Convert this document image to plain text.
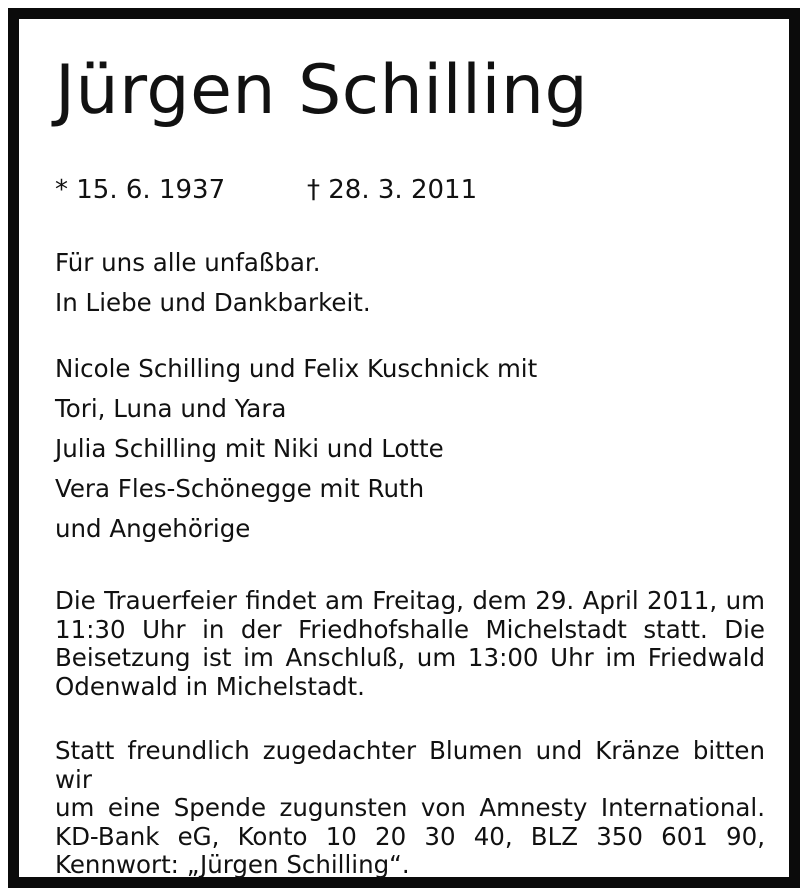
Jürgen Schilling
* 15. 6. 1937	† 28. 3. 2011
Für uns alle unfaßbar.
In Liebe und Dankbarkeit.
Nicole Schilling und Felix Kuschnick mit
Tori, Luna und Yara
Julia Schilling mit Niki und Lotte
Vera Fles-Schönegge mit Ruth
und Angehörige
Die Trauerfeier findet am Freitag, dem 29. April 2011, um
11:30 Uhr in der Friedhofshalle Michelstadt statt. Die
Beisetzung ist im Anschluß, um 13:00 Uhr im Friedwald
Odenwald in Michelstadt.
Statt freundlich zugedachter Blumen und Kränze bitten wir
um eine Spende zugunsten von Amnesty International.
KD-Bank eG, Konto 10 20 30 40, BLZ 350 601 90,
Kennwort: „Jürgen Schilling“.
